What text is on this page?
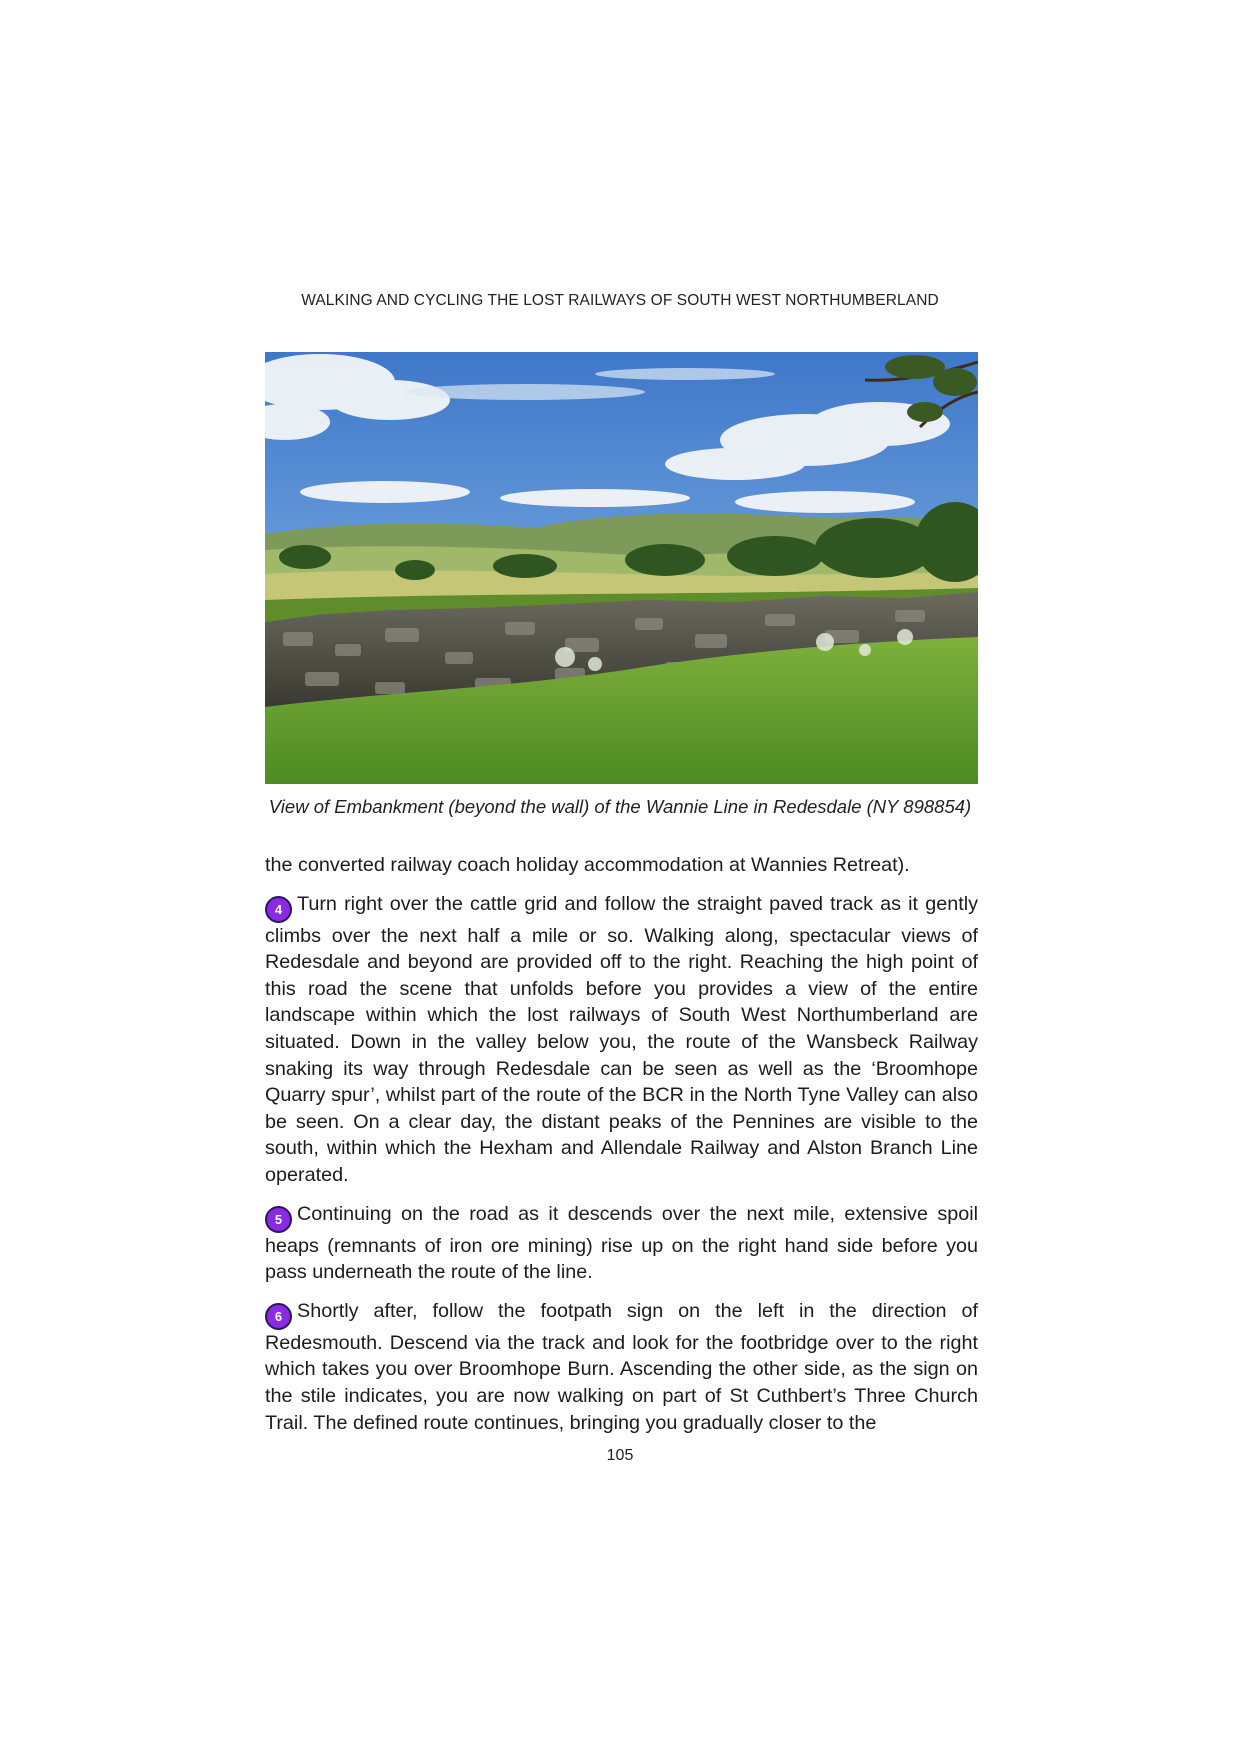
WALKING AND CYCLING THE LOST RAILWAYS OF SOUTH WEST NORTHUMBERLAND
View of Embankment (beyond the wall) of the Wannie Line in Redesdale (NY 898854)

the converted railway coach holiday accommodation at Wannies Retreat).

4 Turn right over the cattle grid and follow the straight paved track as it gently climbs over the next half a mile or so. Walking along, spectacular views of Redesdale and beyond are provided off to the right. Reaching the high point of this road the scene that unfolds before you provides a view of the entire landscape within which the lost railways of South West Northumberland are situated. Down in the valley below you, the route of the Wansbeck Railway snaking its way through Redesdale can be seen as well as the ‘Broomhope Quarry spur’, whilst part of the route of the BCR in the North Tyne Valley can also be seen. On a clear day, the distant peaks of the Pennines are visible to the south, within which the Hexham and Allendale Railway and Alston Branch Line operated.

5 Continuing on the road as it descends over the next mile, extensive spoil heaps (remnants of iron ore mining) rise up on the right hand side before you pass underneath the route of the line.

6 Shortly after, follow the footpath sign on the left in the direction of Redesmouth. Descend via the track and look for the footbridge over to the right which takes you over Broomhope Burn. Ascending the other side, as the sign on the stile indicates, you are now walking on part of St Cuthbert’s Three Church Trail. The defined route continues, bringing you gradually closer to the

105
